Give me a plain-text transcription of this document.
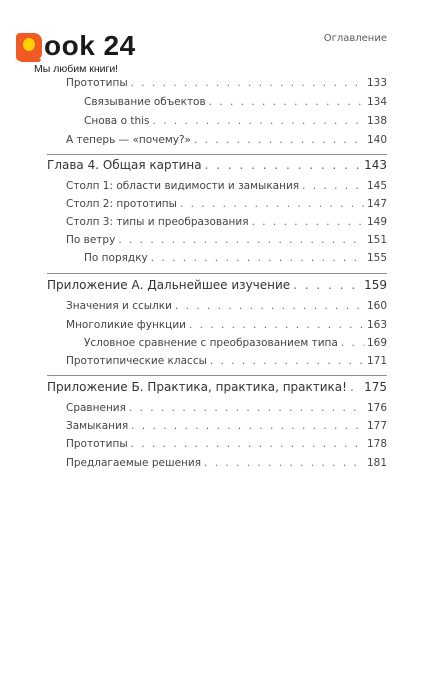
ook 24
Мы любим книги!
Оглавление
Прототипы . . .	133
Связывание объектов . . .	134
Снова о this . . .	138
А теперь — «почему?» . . .	140
Глава 4. Общая картина . . .	143
Столп 1: области видимости и замыкания . . .	145
Столп 2: прототипы . . .	147
Столп 3: типы и преобразования . . .	149
По ветру . . .	151
По порядку . . .	155
Приложение А. Дальнейшее изучение . . .	159
Значения и ссылки . . .	160
Многоликие функции . . .	163
Условное сравнение с преобразованием типа . . .	169
Прототипические классы . . .	171
Приложение Б. Практика, практика, практика! . . . 175
Сравнения . . .	176
Замыкания . . .	177
Прототипы . . .	178
Предлагаемые решения . . .	181
